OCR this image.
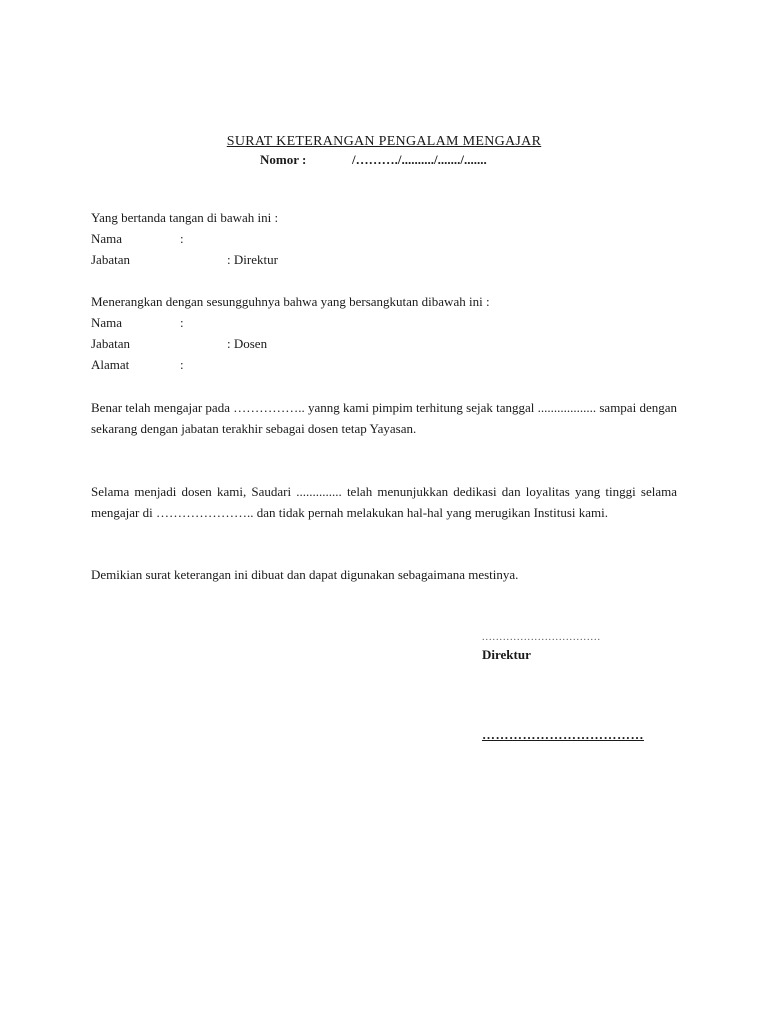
SURAT KETERANGAN PENGALAM MENGAJAR
Nomor :	/………./........../......./.......
Yang bertanda tangan di bawah ini :
Nama	:
Jabatan	: Direktur
Menerangkan dengan sesungguhnya bahwa yang bersangkutan dibawah ini :
Nama	:
Jabatan	: Dosen
Alamat	:
Benar telah mengajar pada …………….. yanng kami pimpim terhitung sejak tanggal .................. sampai dengan sekarang dengan jabatan terakhir sebagai dosen tetap Yayasan.
Selama menjadi dosen kami, Saudari .............. telah menunjukkan dedikasi dan loyalitas yang tinggi selama mengajar di ………………….. dan tidak pernah melakukan hal-hal yang merugikan Institusi kami.
Demikian surat keterangan ini dibuat dan dapat digunakan sebagaimana mestinya.
..................................
Direktur
………………………………
